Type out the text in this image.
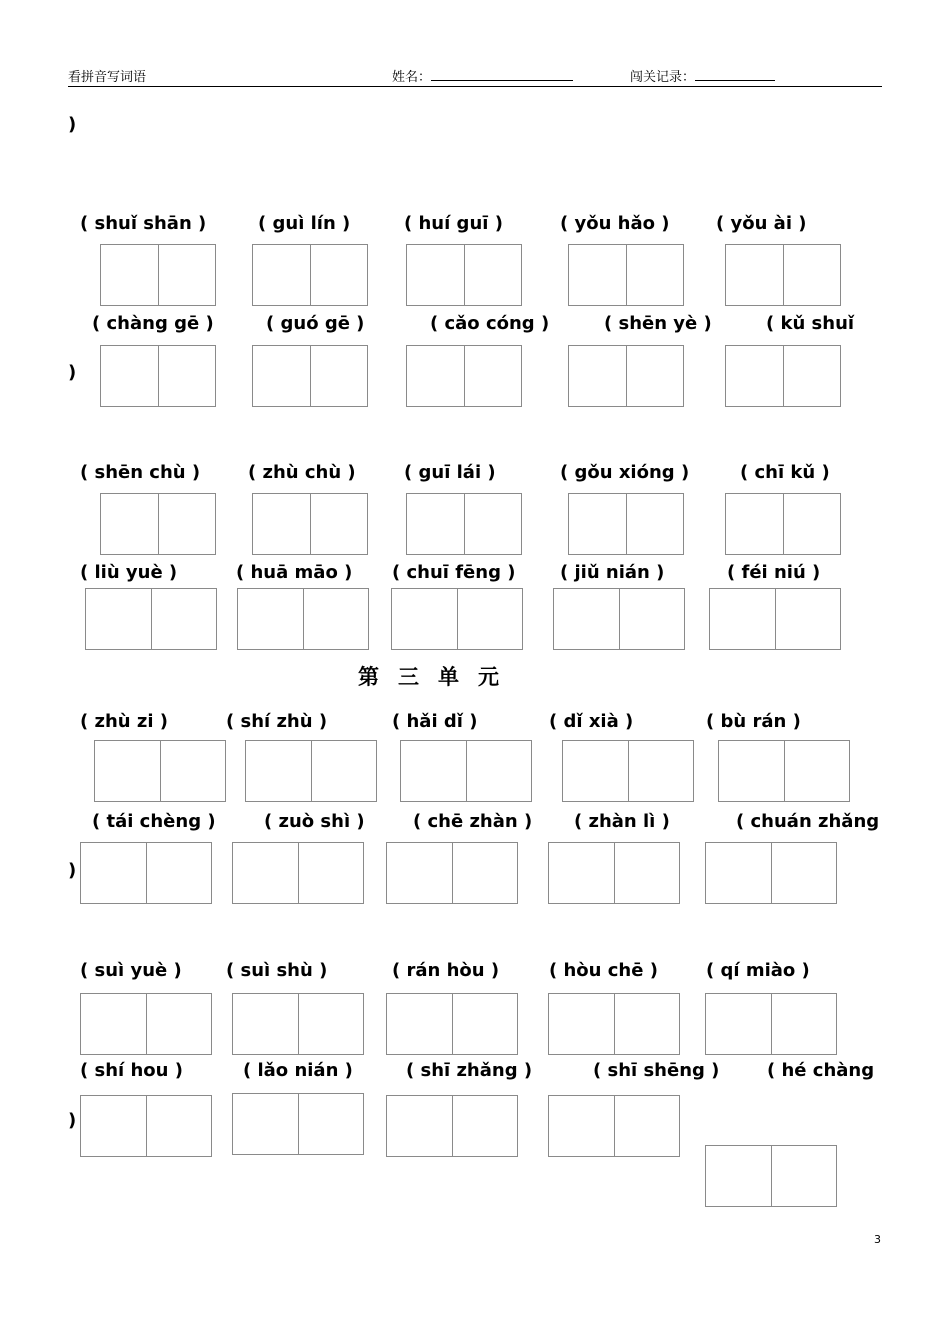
看拼音写词语	姓名：	闯关记录：
)
( shuǐ shān )	( guì lín )	( huí guī )	( yǒu hǎo )	( yǒu ài )
( chàng gē )	( guó gē )	( cǎo cóng )	( shēn yè )	( kǔ shuǐ
)
( shēn chù )	( zhù chù )	( guī lái )	( gǒu xióng )	( chī kǔ )
( liù yuè )	( huā māo ) ( chuī fēng ) ( jiǔ nián )	( féi niú )
第三单元
( zhù zi )	( shí zhù )	( hǎi dǐ )	( dǐ xià )	( bù rán )
( tái chèng )	( zuò shì )	( chē zhàn ) ( zhàn lì )	( chuán zhǎng
)
( suì yuè ) ( suì shù )	( rán hòu )	( hòu chē )	( qí miào )
( shí hou )	( lǎo nián )	( shī zhǎng )	( shī shēng )	( hé chàng
)
3
